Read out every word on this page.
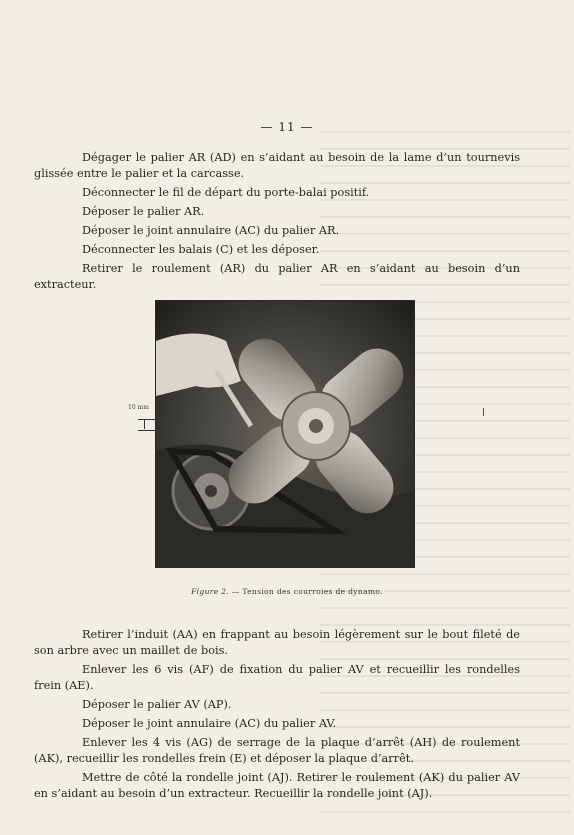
— 11 —

Dégager le palier AR (AD) en s’aidant au besoin de la lame d’un tournevis glissée entre le palier et la carcasse.

Déconnecter le fil de départ du porte-balai positif.

Déposer le palier AR.

Déposer le joint annulaire (AC) du palier AR.

Déconnecter les balais (C) et les déposer.

Retirer le roulement (AR) du palier AR en s’aidant au besoin d’un extracteur.

10 mm
Figure 2. — Tension des courroies de dynamo.

Retirer l’induit (AA) en frappant au besoin légèrement sur le bout fileté de son arbre avec un maillet de bois.

Enlever les 6 vis (AF) de fixation du palier AV et recueillir les rondelles frein (AE).

Déposer le palier AV (AP).

Déposer le joint annulaire (AC) du palier AV.

Enlever les 4 vis (AG) de serrage de la plaque d’arrêt (AH) de roulement (AK), recueillir les rondelles frein (E) et déposer la plaque d’arrêt.

Mettre de côté la rondelle joint (AJ). Retirer le roulement (AK) du palier AV en s’aidant au besoin d’un extracteur. Recueillir la rondelle joint (AJ).
